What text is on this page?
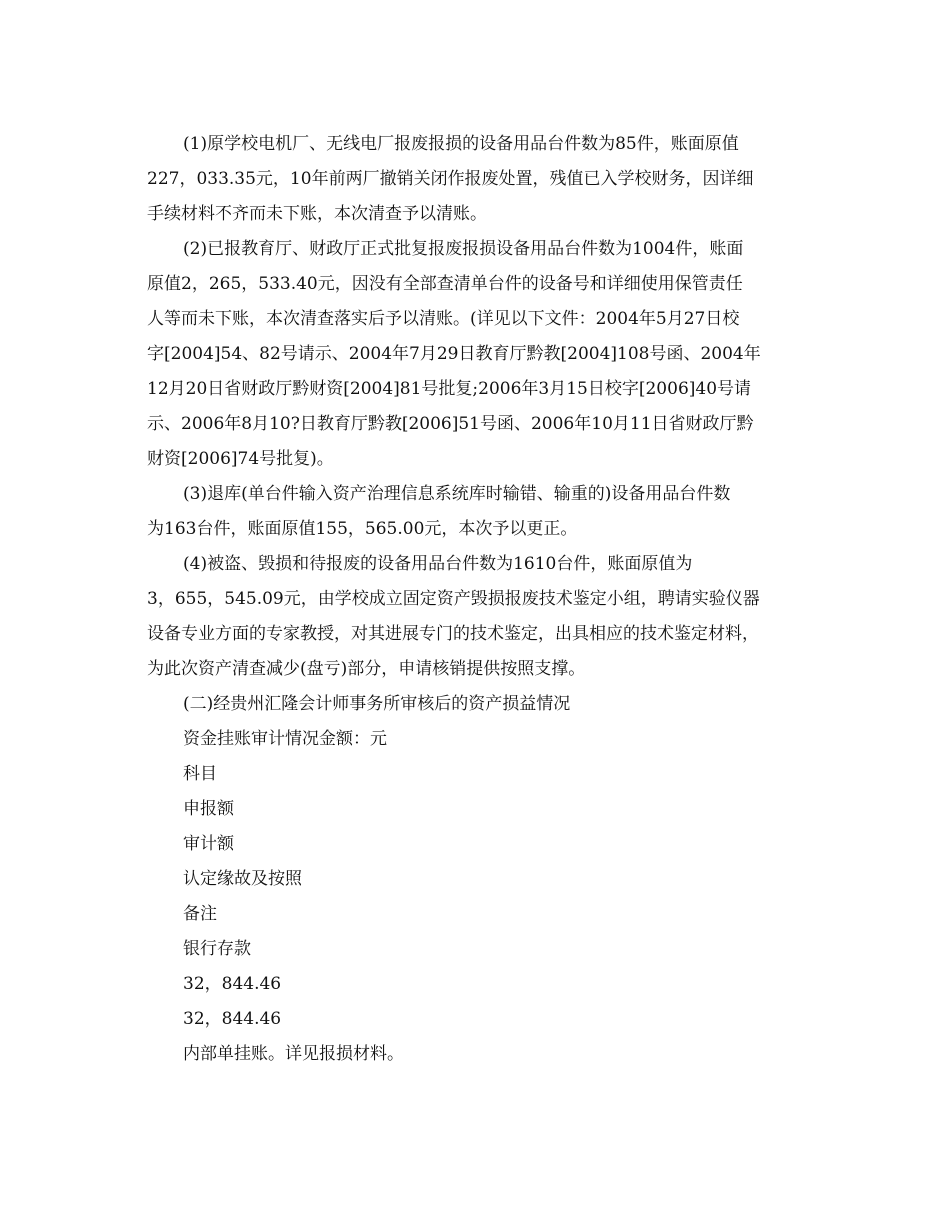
(1)原学校电机厂、无线电厂报废报损的设备用品台件数为85件，账面原值
227，033.35元，10年前两厂撤销关闭作报废处置，残值已入学校财务，因详细
手续材料不齐而未下账，本次清查予以清账。

(2)已报教育厅、财政厅正式批复报废报损设备用品台件数为1004件，账面
原值2，265，533.40元，因没有全部查清单台件的设备号和详细使用保管责任
人等而未下账，本次清查落实后予以清账。(详见以下文件：2004年5月27日校
字[2004]54、82号请示、2004年7月29日教育厅黔教[2004]108号函、2004年
12月20日省财政厅黔财资[2004]81号批复;2006年3月15日校字[2006]40号请
示、2006年8月10?日教育厅黔教[2006]51号函、2006年10月11日省财政厅黔
财资[2006]74号批复)。

(3)退库(单台件输入资产治理信息系统库时输错、输重的)设备用品台件数
为163台件，账面原值155，565.00元，本次予以更正。

(4)被盗、毁损和待报废的设备用品台件数为1610台件，账面原值为
3，655，545.09元，由学校成立固定资产毁损报废技术鉴定小组，聘请实验仪器
设备专业方面的专家教授，对其进展专门的技术鉴定，出具相应的技术鉴定材料，
为此次资产清查减少(盘亏)部分，申请核销提供按照支撑。

(二)经贵州汇隆会计师事务所审核后的资产损益情况

资金挂账审计情况金额：元

科目

申报额

审计额

认定缘故及按照

备注

银行存款

32，844.46

32，844.46

内部单挂账。详见报损材料。
